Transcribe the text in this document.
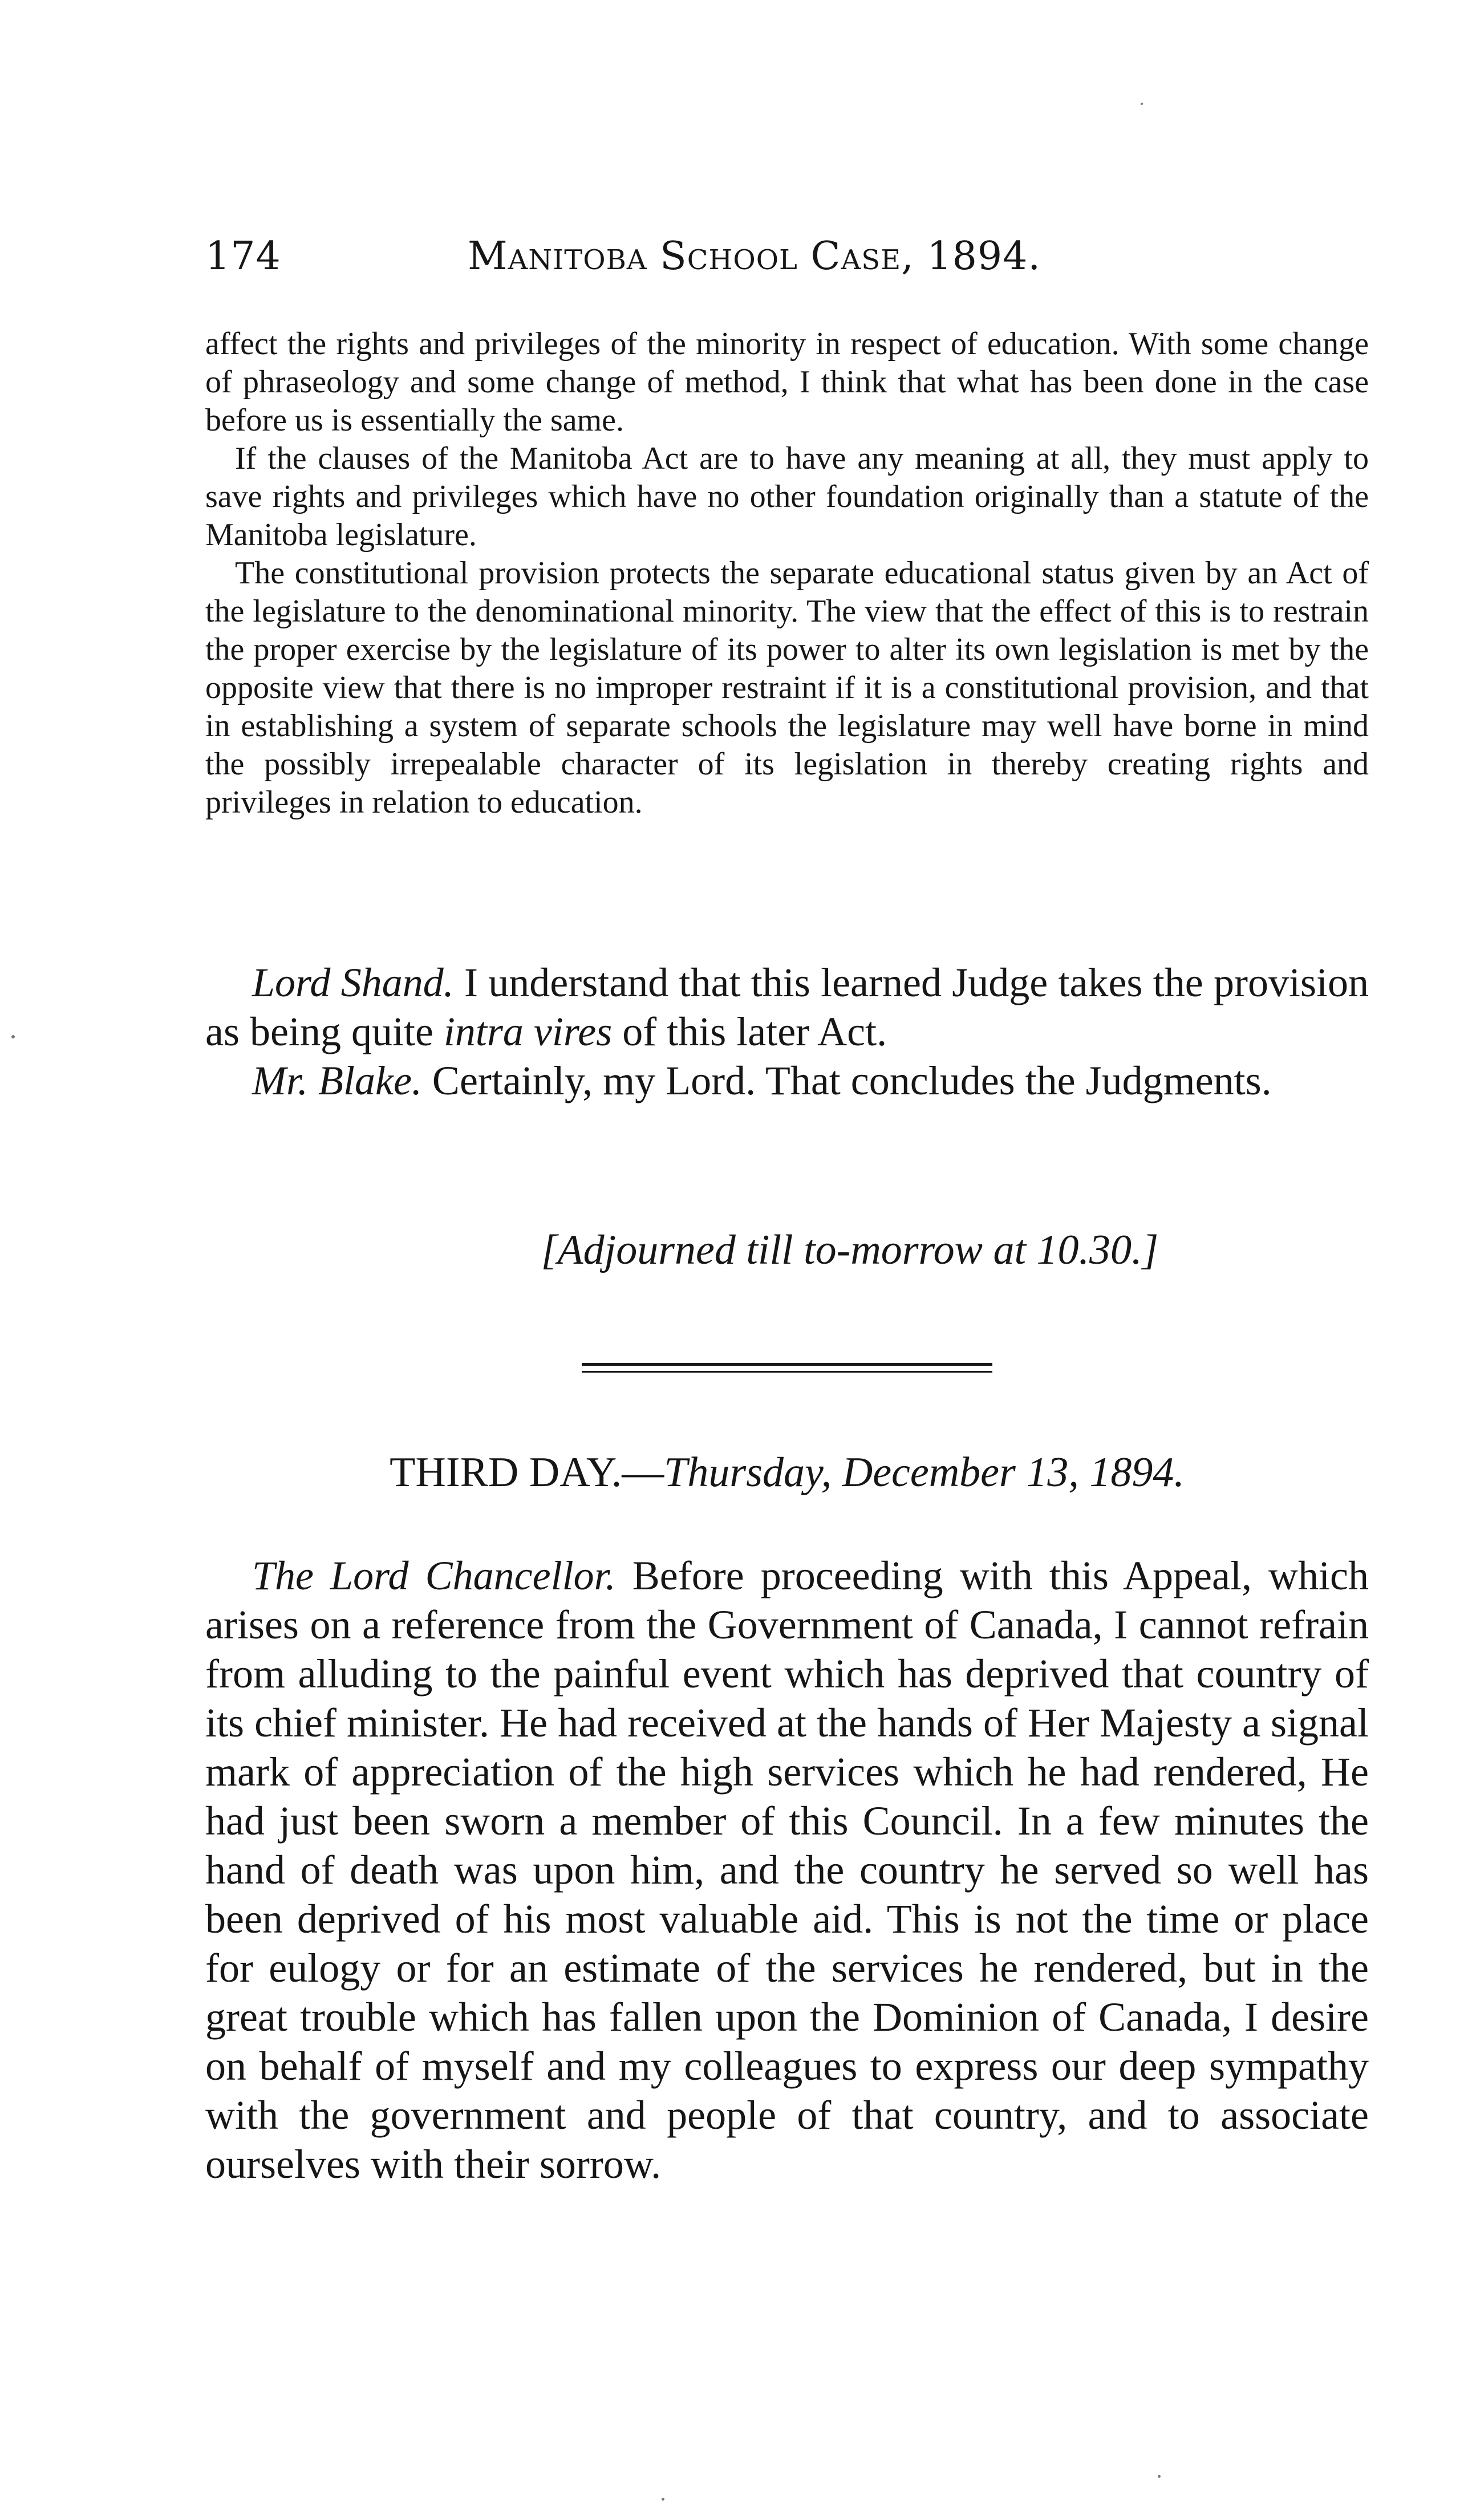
174	Manitoba School Case, 1894.

affect the rights and privileges of the minority in respect of education. With some change of phraseology and some change of method, I think that what has been done in the case before us is essentially the same.

If the clauses of the Manitoba Act are to have any meaning at all, they must apply to save rights and privileges which have no other foundation originally than a statute of the Manitoba legislature.

The constitutional provision protects the separate educational status given by an Act of the legislature to the denominational minority. The view that the effect of this is to restrain the proper exercise by the legislature of its power to alter its own legislation is met by the opposite view that there is no improper restraint if it is a constitutional provision, and that in establishing a system of separate schools the legislature may well have borne in mind the possibly irrepealable character of its legislation in thereby creating rights and privileges in relation to education.

Lord Shand. I understand that this learned Judge takes the provision as being quite intra vires of this later Act.

Mr. Blake. Certainly, my Lord. That concludes the Judgments.

[Adjourned till to-morrow at 10.30.]
THIRD DAY.—Thursday, December 13, 1894.

The Lord Chancellor. Before proceeding with this Appeal, which arises on a reference from the Government of Canada, I cannot refrain from alluding to the painful event which has deprived that country of its chief minister. He had received at the hands of Her Majesty a signal mark of appreciation of the high services which he had rendered, He had just been sworn a member of this Council. In a few minutes the hand of death was upon him, and the country he served so well has been deprived of his most valuable aid. This is not the time or place for eulogy or for an estimate of the services he rendered, but in the great trouble which has fallen upon the Dominion of Canada, I desire on behalf of myself and my colleagues to express our deep sympathy with the government and people of that country, and to associate ourselves with their sorrow.
